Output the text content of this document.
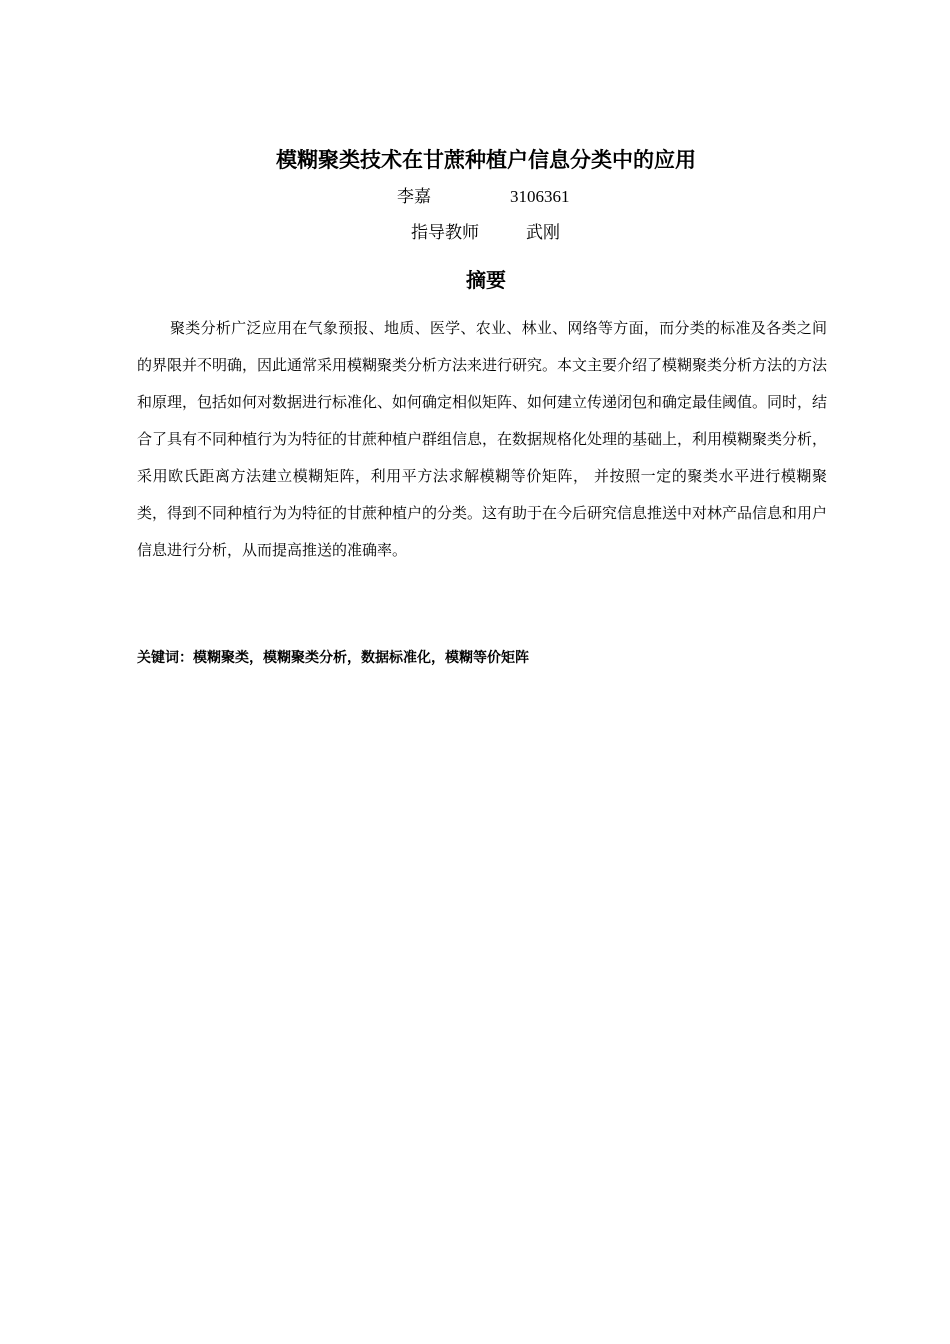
模糊聚类技术在甘蔗种植户信息分类中的应用
李嘉	3106361
指导教师	武刚
摘要

聚类分析广泛应用在气象预报、地质、医学、农业、林业、网络等方面，而分类的标准及各类之间的界限并不明确，因此通常采用模糊聚类分析方法来进行研究。本文主要介绍了模糊聚类分析方法的方法和原理，包括如何对数据进行标准化、如何确定相似矩阵、如何建立传递闭包和确定最佳阈值。同时，结合了具有不同种植行为为特征的甘蔗种植户群组信息，在数据规格化处理的基础上，利用模糊聚类分析，采用欧氏距离方法建立模糊矩阵，利用平方法求解模糊等价矩阵， 并按照一定的聚类水平进行模糊聚类，得到不同种植行为为特征的甘蔗种植户的分类。这有助于在今后研究信息推送中对林产品信息和用户信息进行分析，从而提高推送的准确率。

关键词：模糊聚类，模糊聚类分析，数据标准化，模糊等价矩阵
